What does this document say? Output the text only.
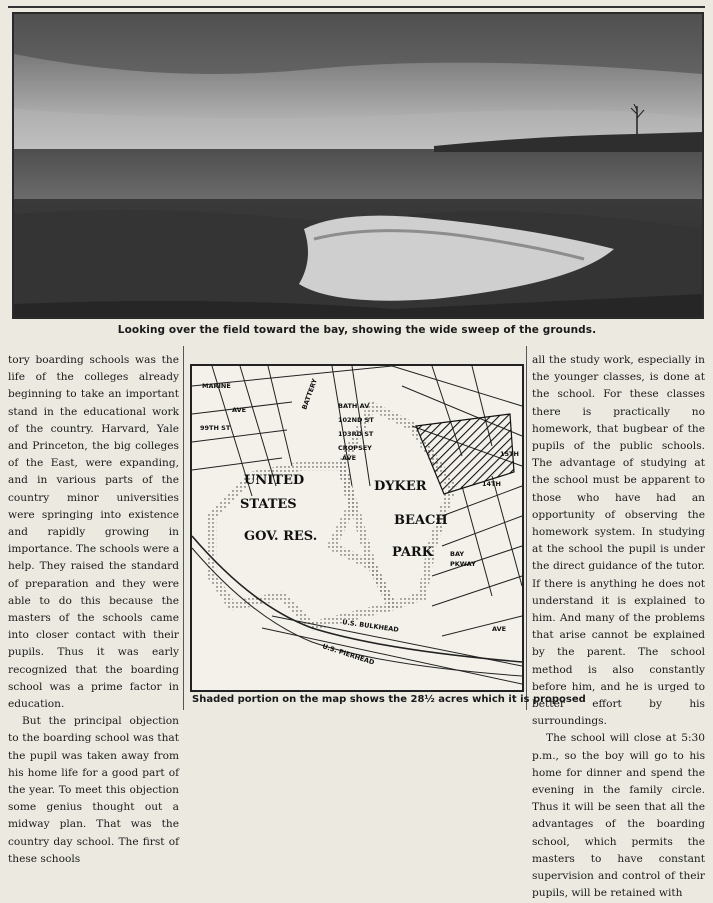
Looking over the field toward the bay, showing the wide sweep of the grounds.

tory boarding schools was the life of the colleges already beginning to take an important stand in the educational work of the country. Harvard, Yale and Princeton, the big colleges of the East, were expanding, and in various parts of the country minor universities were springing into existence and rapidly growing in importance. The schools were a help. They raised the standard of preparation and they were able to do this because the masters of the schools came into closer contact with their pupils. Thus it was early recognized that the boarding school was a prime factor in education.

But the principal objection to the boarding school was that the pupil was taken away from his home life for a good part of the year. To meet this objection some genius thought out a midway plan. That was the country day school. The first of these schools

all the study work, especially in the younger classes, is done at the school. For these classes there is practically no homework, that bugbear of the pupils of the public schools. The advantage of studying at the school must be apparent to those who have had an opportunity of observing the homework system. In studying at the school the pupil is under the direct guidance of the tutor. If there is anything he does not understand it is explained to him. And many of the problems that arise cannot be explained by the parent. The school method is also constantly before him, and he is urged to better effort by his surroundings.

The school will close at 5:30 p.m., so the boy will go to his home for dinner and spend the evening in the family circle. Thus it will be seen that all the advantages of the boarding school, which permits the masters to have constant supervision and control of their pupils, will be retained with

UNITED
STATES
GOV. RES.
DYKER
BEACH
PARK
U.S. BULKHEAD
U.S. PIERHEAD
BATH AV
102ND ST
103RD ST
CROPSEY
AVE
BATTERY
MARINE
AVE
99TH ST
BAY
PKWAY
14TH
15TH
AVE
Shaded portion on the map shows the 28½ acres which it is proposed
